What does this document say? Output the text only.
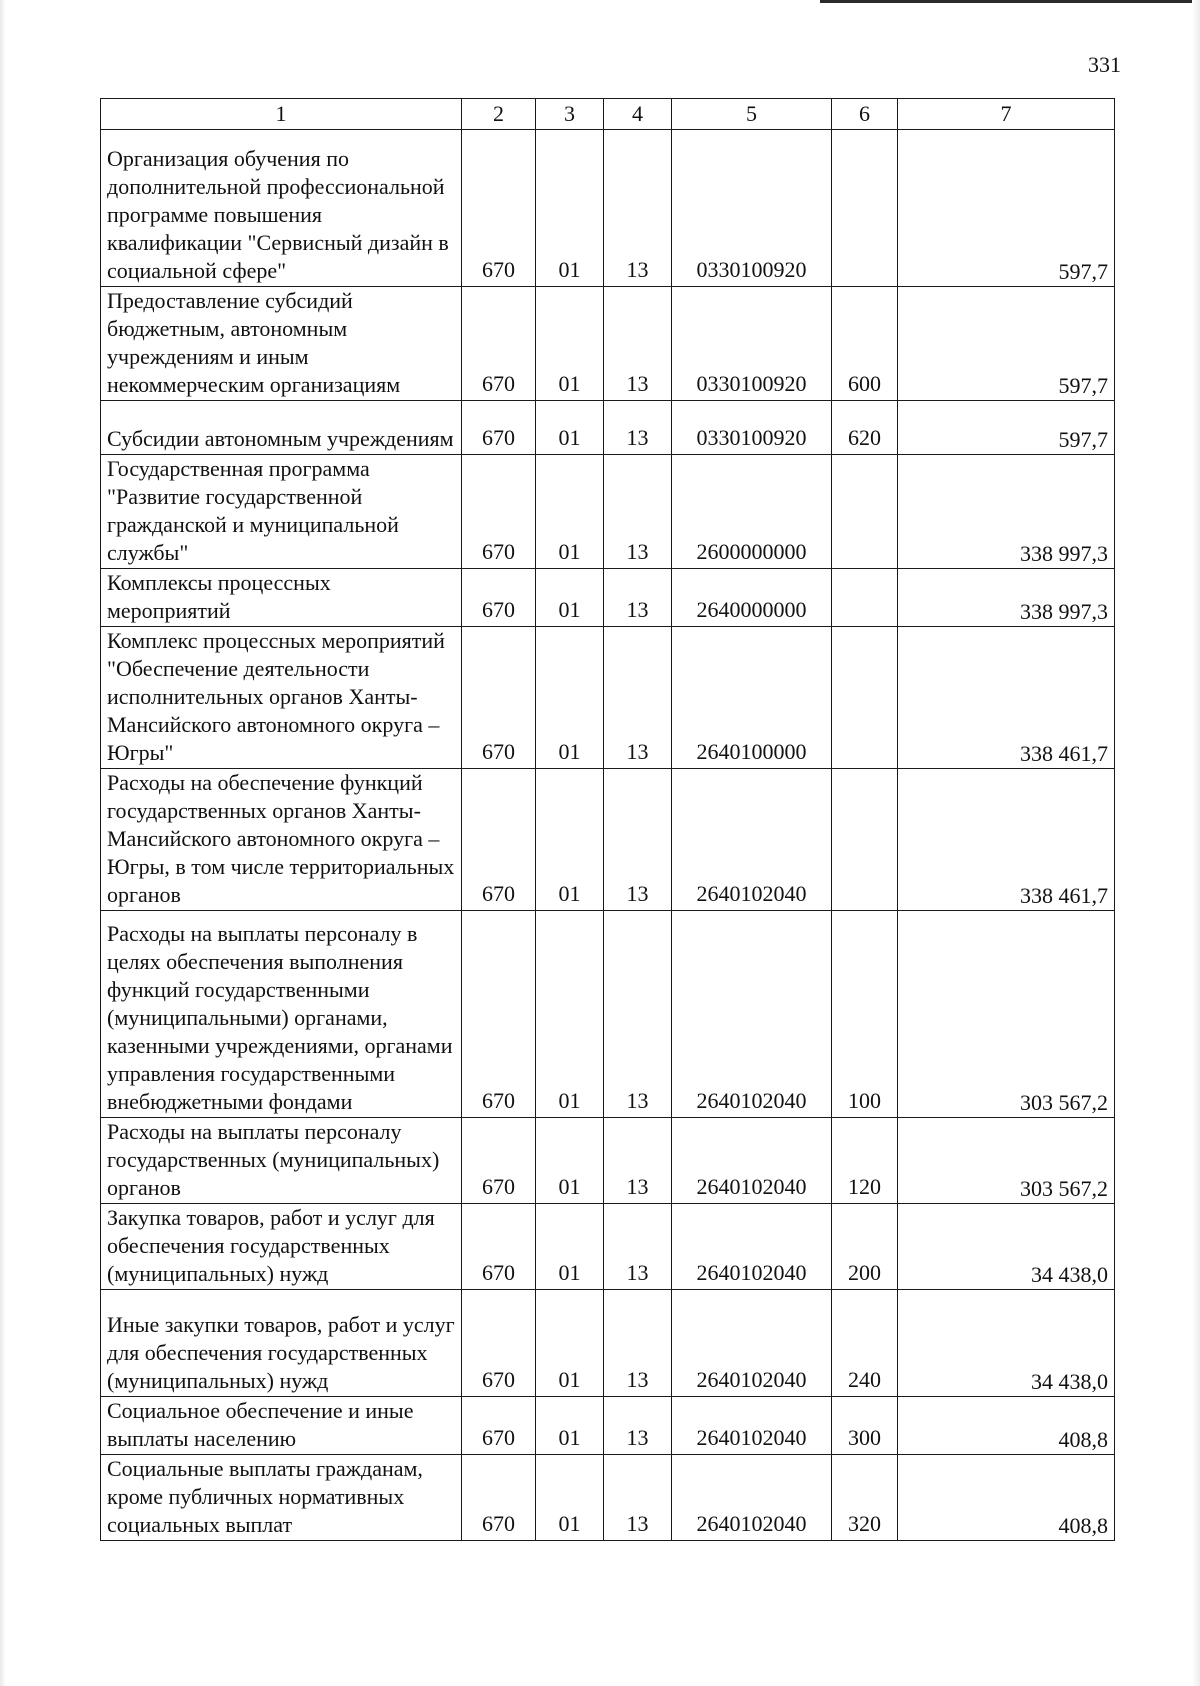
331
1	2	3	4	5	6	7
Организация обучения по дополнительной профессиональной программе повышения квалификации "Сервисный дизайн в социальной сфере"	670	01	13	0330100920		597,7
Предоставление субсидий бюджетным, автономным учреждениям и иным некоммерческим организациям	670	01	13	0330100920	600	597,7
Субсидии автономным учреждениям	670	01	13	0330100920	620	597,7
Государственная программа "Развитие государственной гражданской и муниципальной службы"	670	01	13	2600000000		338 997,3
Комплексы процессных мероприятий	670	01	13	2640000000		338 997,3
Комплекс процессных мероприятий "Обеспечение деятельности исполнительных органов Ханты-Мансийского автономного округа – Югры"	670	01	13	2640100000		338 461,7
Расходы на обеспечение функций государственных органов Ханты-Мансийского автономного округа – Югры, в том числе территориальных органов	670	01	13	2640102040		338 461,7
Расходы на выплаты персоналу в целях обеспечения выполнения функций государственными (муниципальными) органами, казенными учреждениями, органами управления государственными внебюджетными фондами	670	01	13	2640102040	100	303 567,2
Расходы на выплаты персоналу государственных (муниципальных) органов	670	01	13	2640102040	120	303 567,2
Закупка товаров, работ и услуг для обеспечения государственных (муниципальных) нужд	670	01	13	2640102040	200	34 438,0
Иные закупки товаров, работ и услуг для обеспечения государственных (муниципальных) нужд	670	01	13	2640102040	240	34 438,0
Социальное обеспечение и иные выплаты населению	670	01	13	2640102040	300	408,8
Социальные выплаты гражданам, кроме публичных нормативных социальных выплат	670	01	13	2640102040	320	408,8
